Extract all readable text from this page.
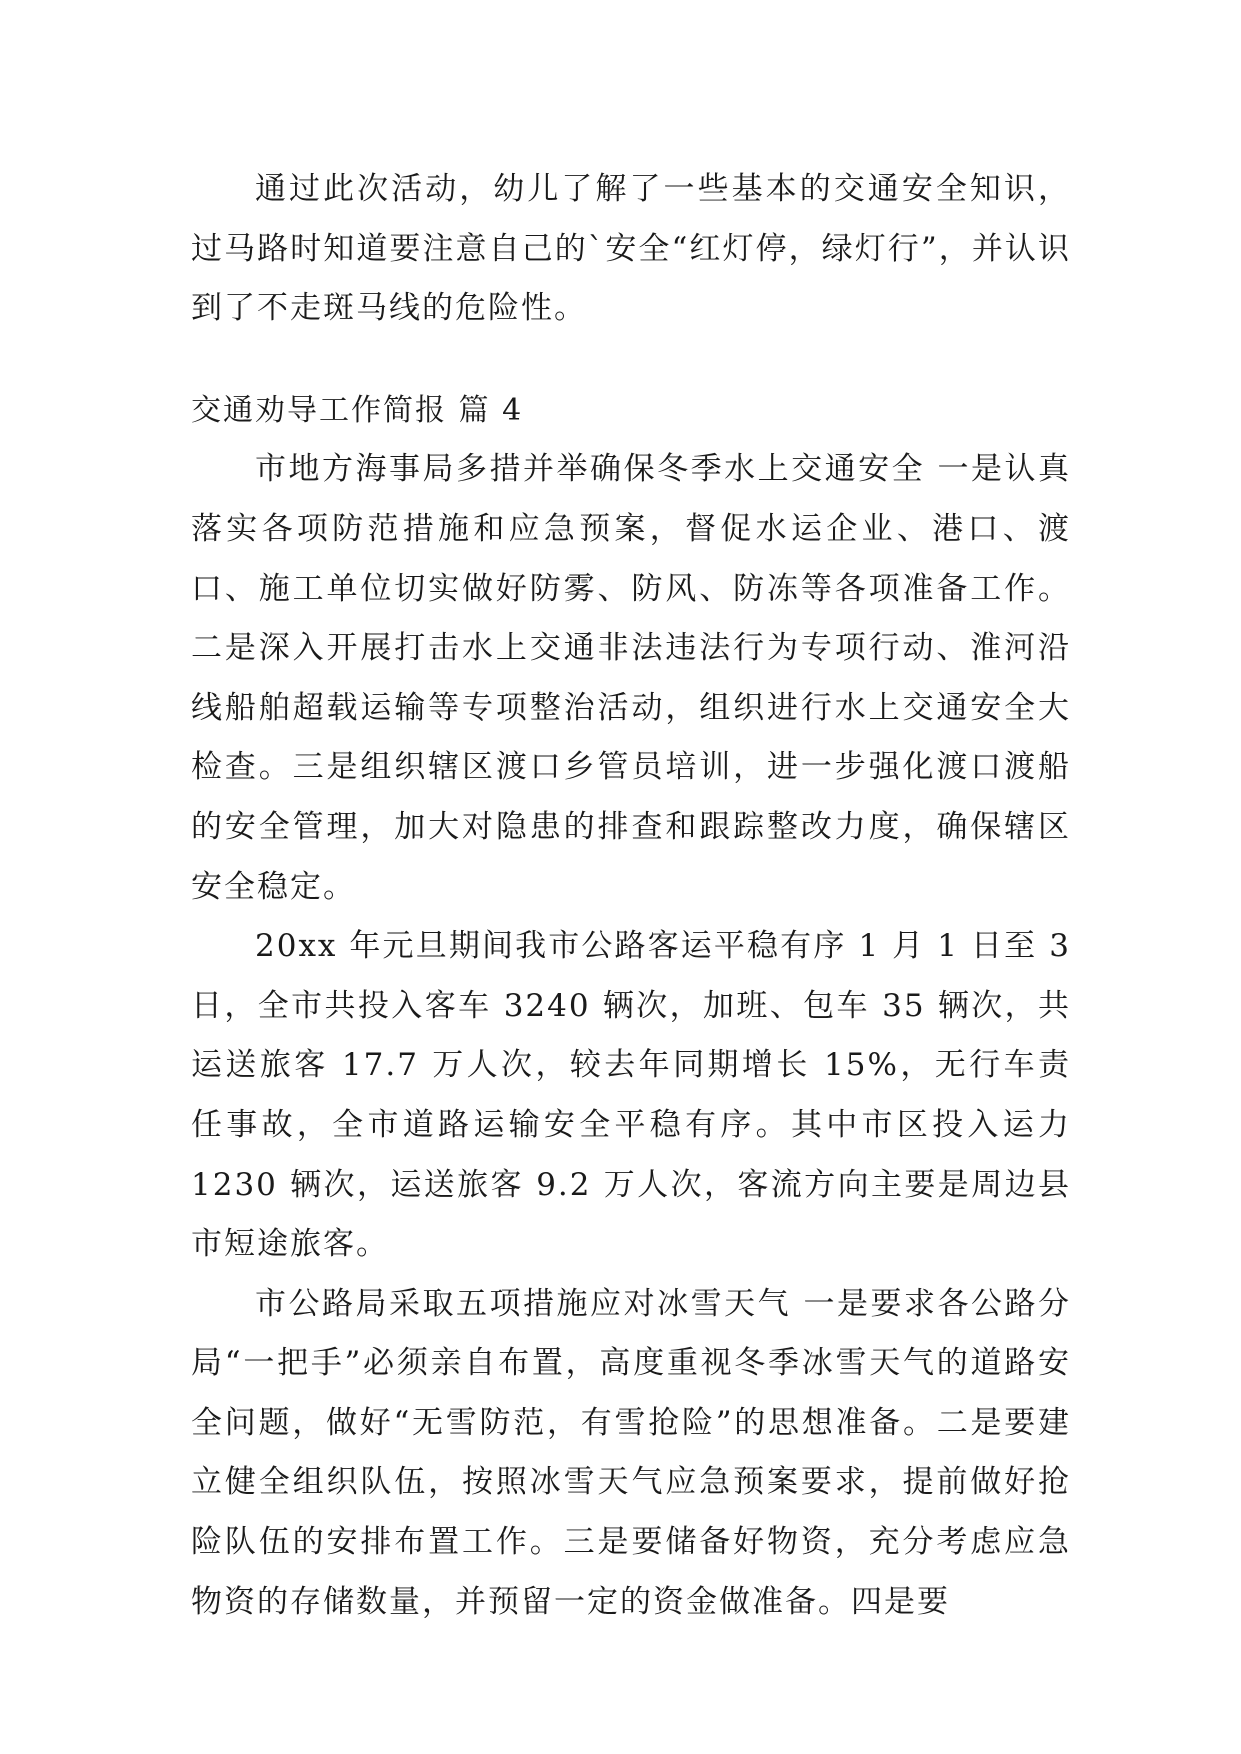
通过此次活动，幼儿了解了一些基本的交通安全知识，过马路时知道要注意自己的`安全“红灯停，绿灯行”，并认识到了不走斑马线的危险性。

交通劝导工作简报 篇 4

市地方海事局多措并举确保冬季水上交通安全 一是认真落实各项防范措施和应急预案，督促水运企业、港口、渡口、施工单位切实做好防雾、防风、防冻等各项准备工作。二是深入开展打击水上交通非法违法行为专项行动、淮河沿线船舶超载运输等专项整治活动，组织进行水上交通安全大检查。三是组织辖区渡口乡管员培训，进一步强化渡口渡船的安全管理，加大对隐患的排查和跟踪整改力度，确保辖区安全稳定。

20xx 年元旦期间我市公路客运平稳有序 1 月 1 日至 3 日，全市共投入客车 3240 辆次，加班、包车 35 辆次，共运送旅客 17.7 万人次，较去年同期增长 15%，无行车责任事故，全市道路运输安全平稳有序。其中市区投入运力 1230 辆次，运送旅客 9.2 万人次，客流方向主要是周边县市短途旅客。

市公路局采取五项措施应对冰雪天气 一是要求各公路分局“一把手”必须亲自布置，高度重视冬季冰雪天气的道路安全问题，做好“无雪防范，有雪抢险”的思想准备。二是要建立健全组织队伍，按照冰雪天气应急预案要求，提前做好抢险队伍的安排布置工作。三是要储备好物资，充分考虑应急物资的存储数量，并预留一定的资金做准备。四是要
